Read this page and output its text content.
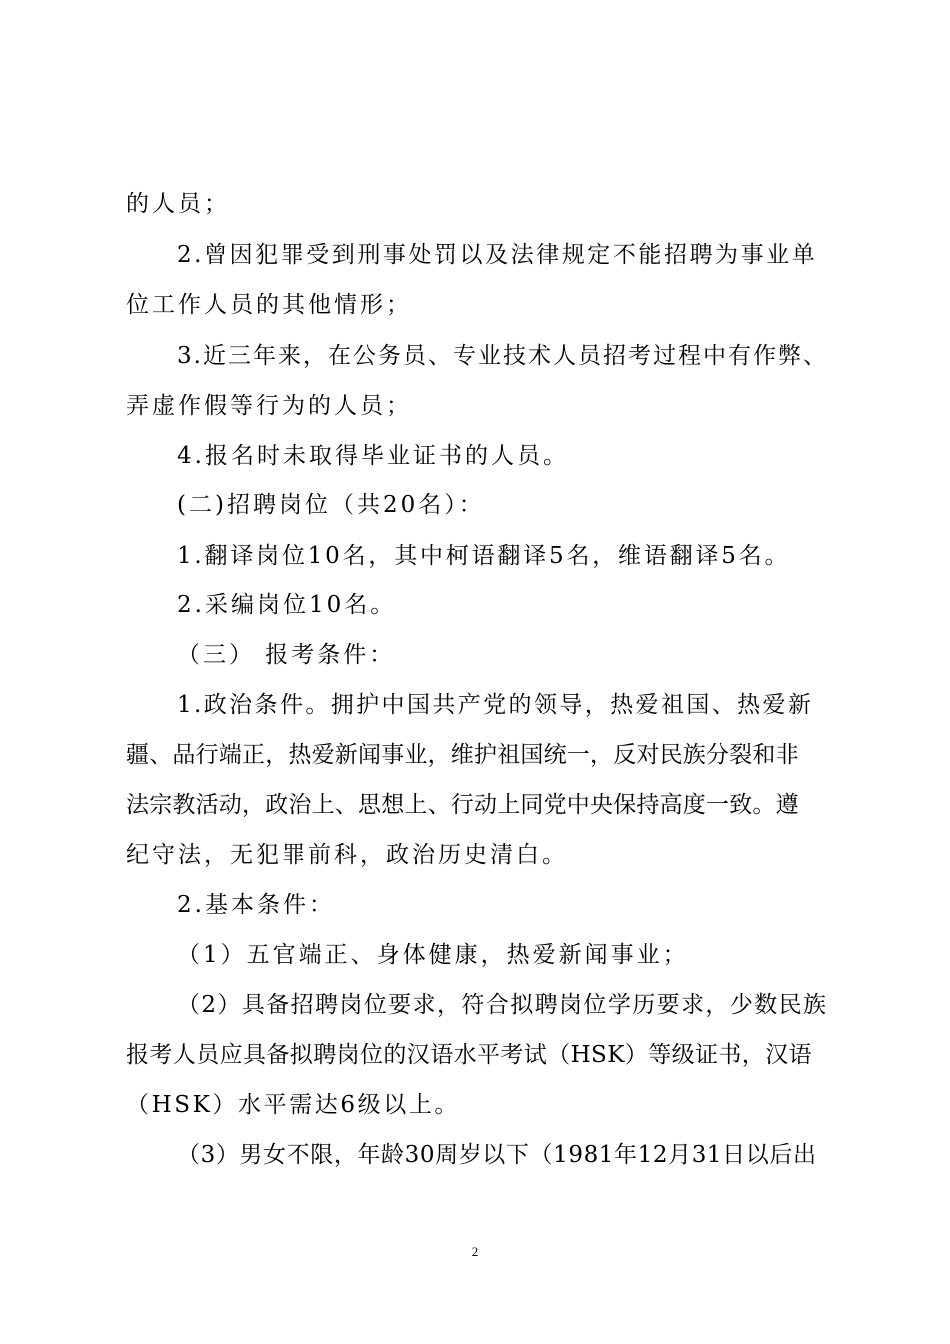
的人员；
2.曾因犯罪受到刑事处罚以及法律规定不能招聘为事业单
位工作人员的其他情形；
3.近三年来，在公务员、专业技术人员招考过程中有作弊、
弄虚作假等行为的人员；
4.报名时未取得毕业证书的人员。
(二)招聘岗位（共20名）：
1.翻译岗位10名，其中柯语翻译5名，维语翻译5名。
2.采编岗位10名。
（三） 报考条件：
1.政治条件。拥护中国共产党的领导，热爱祖国、热爱新
疆、品行端正，热爱新闻事业，维护祖国统一，反对民族分裂和非
法宗教活动，政治上、思想上、行动上同党中央保持高度一致。遵
纪守法，无犯罪前科，政治历史清白。
2.基本条件：
（1）五官端正、身体健康，热爱新闻事业；
（2）具备招聘岗位要求，符合拟聘岗位学历要求，少数民族
报考人员应具备拟聘岗位的汉语水平考试（HSK）等级证书，汉语
（HSK）水平需达6级以上。
（3）男女不限，年龄30周岁以下（1981年12月31日以后出
2
